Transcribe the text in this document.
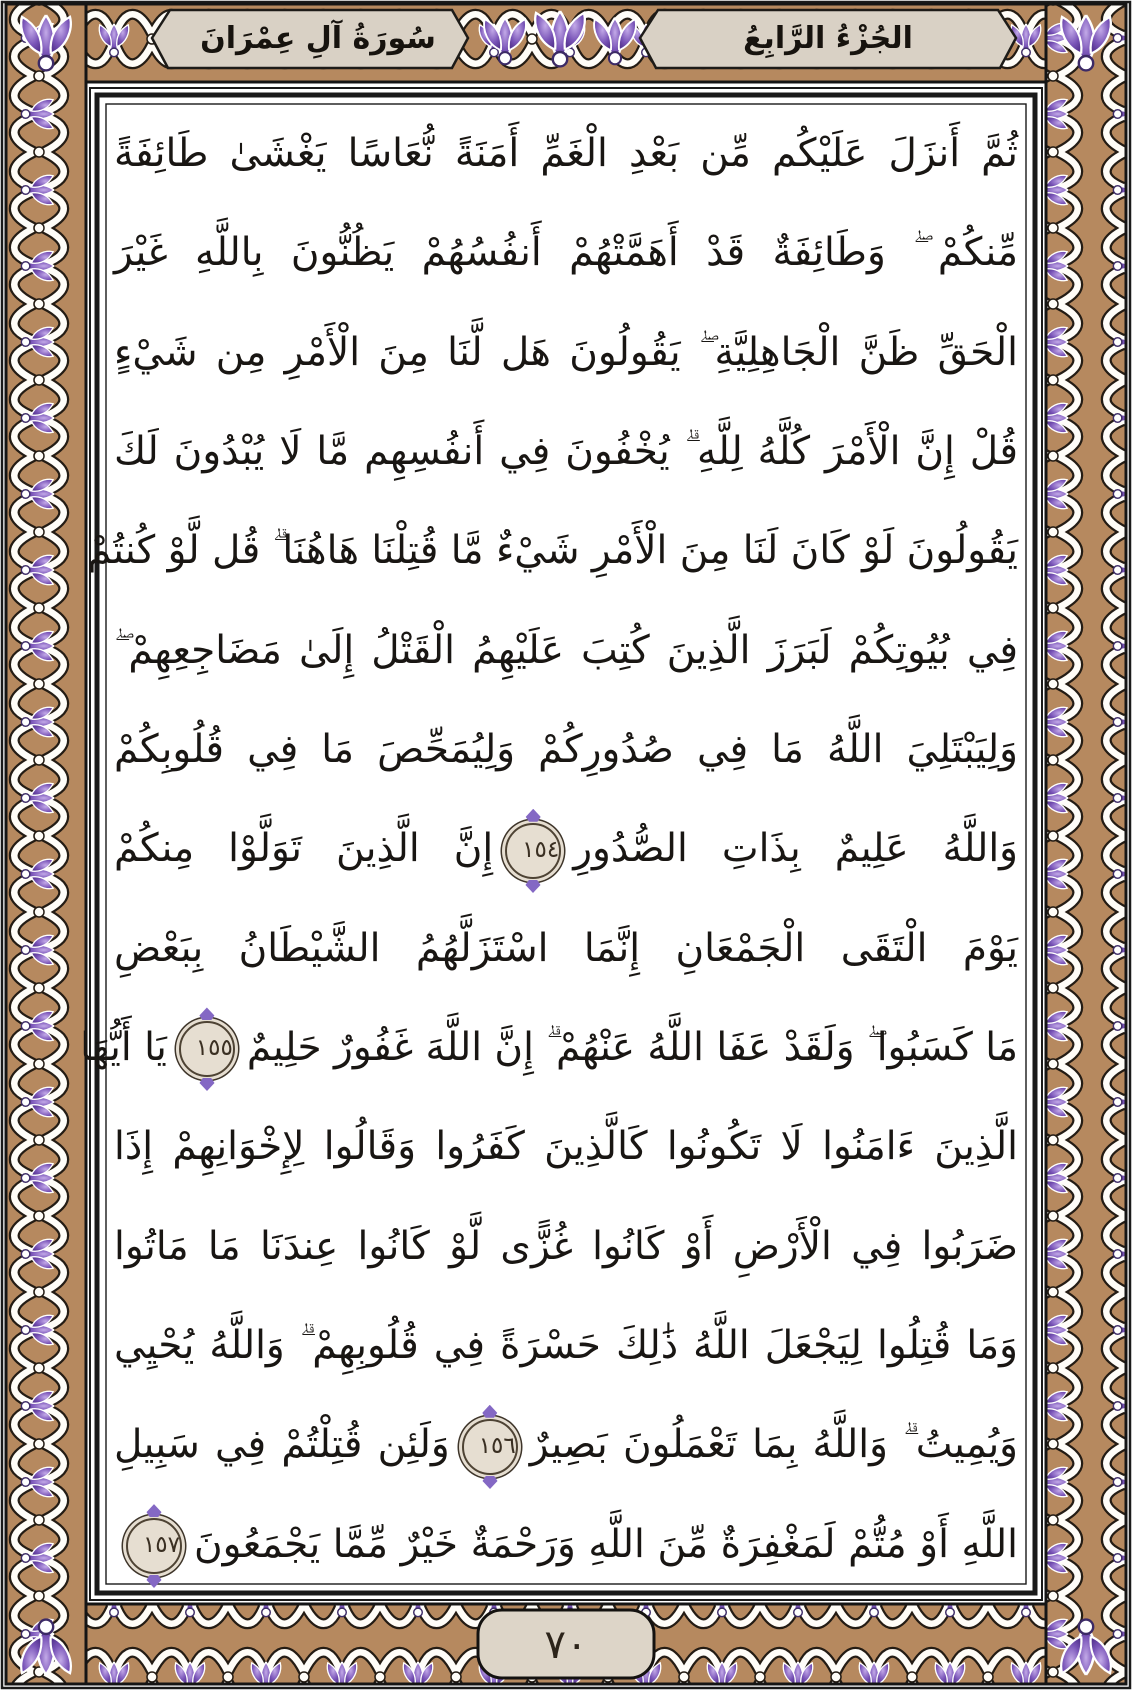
سُورَةُ آلِ عِمْرَانَ	الجُزْءُ الرَّابِعُ
ثُمَّ أَنزَلَ عَلَيْكُم مِّن بَعْدِ الْغَمِّ أَمَنَةً نُّعَاسًا يَغْشَىٰ طَائِفَةً
مِّنكُمْ ۖ وَطَائِفَةٌ قَدْ أَهَمَّتْهُمْ أَنفُسُهُمْ يَظُنُّونَ بِاللَّهِ غَيْرَ
الْحَقِّ ظَنَّ الْجَاهِلِيَّةِ ۖ يَقُولُونَ هَل لَّنَا مِنَ الْأَمْرِ مِن شَيْءٍ
قُلْ إِنَّ الْأَمْرَ كُلَّهُ لِلَّهِ ۗ يُخْفُونَ فِي أَنفُسِهِم مَّا لَا يُبْدُونَ لَكَ
يَقُولُونَ لَوْ كَانَ لَنَا مِنَ الْأَمْرِ شَيْءٌ مَّا قُتِلْنَا هَاهُنَا ۗ قُل لَّوْ كُنتُمْ
فِي بُيُوتِكُمْ لَبَرَزَ الَّذِينَ كُتِبَ عَلَيْهِمُ الْقَتْلُ إِلَىٰ مَضَاجِعِهِمْ ۖ
وَلِيَبْتَلِيَ اللَّهُ مَا فِي صُدُورِكُمْ وَلِيُمَحِّصَ مَا فِي قُلُوبِكُمْ
وَاللَّهُ عَلِيمٌ بِذَاتِ الصُّدُورِ١٥٤إِنَّ الَّذِينَ تَوَلَّوْا مِنكُمْ
يَوْمَ الْتَقَى الْجَمْعَانِ إِنَّمَا اسْتَزَلَّهُمُ الشَّيْطَانُ بِبَعْضِ
مَا كَسَبُوا ۖ وَلَقَدْ عَفَا اللَّهُ عَنْهُمْ ۗ إِنَّ اللَّهَ غَفُورٌ حَلِيمٌ١٥٥يَا أَيُّهَا
الَّذِينَ ءَامَنُوا لَا تَكُونُوا كَالَّذِينَ كَفَرُوا وَقَالُوا لِإِخْوَانِهِمْ إِذَا
ضَرَبُوا فِي الْأَرْضِ أَوْ كَانُوا غُزًّى لَّوْ كَانُوا عِندَنَا مَا مَاتُوا
وَمَا قُتِلُوا لِيَجْعَلَ اللَّهُ ذَٰلِكَ حَسْرَةً فِي قُلُوبِهِمْ ۗ وَاللَّهُ يُحْيِي
وَيُمِيتُ ۗ وَاللَّهُ بِمَا تَعْمَلُونَ بَصِيرٌ١٥٦وَلَئِن قُتِلْتُمْ فِي سَبِيلِ
اللَّهِ أَوْ مُتُّمْ لَمَغْفِرَةٌ مِّنَ اللَّهِ وَرَحْمَةٌ خَيْرٌ مِّمَّا يَجْمَعُونَ١٥٧
٧٠
